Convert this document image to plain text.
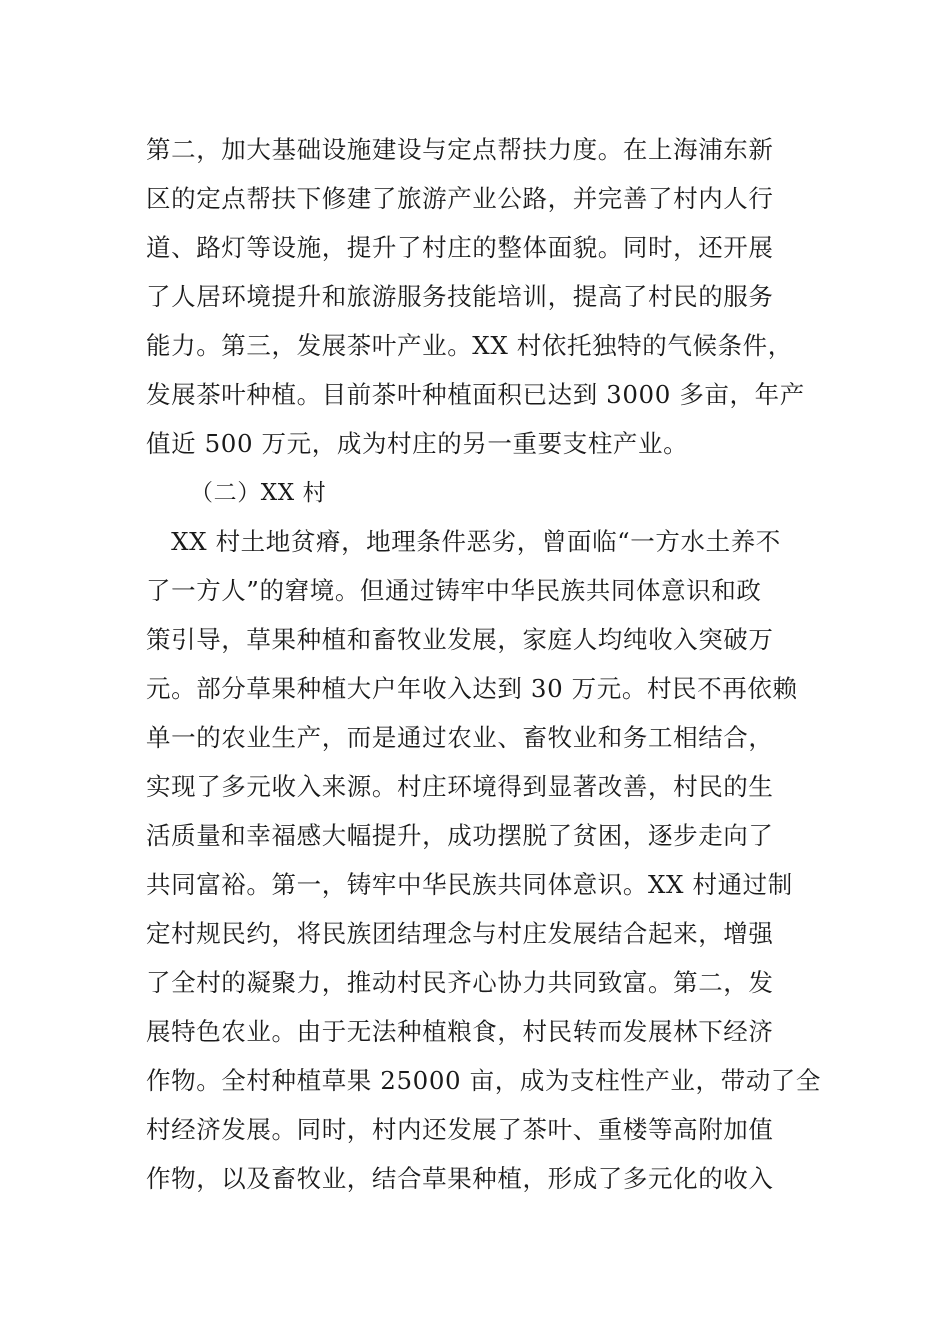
第二，加大基础设施建设与定点帮扶力度。在上海浦东新
区的定点帮扶下修建了旅游产业公路，并完善了村内人行
道、路灯等设施，提升了村庄的整体面貌。同时，还开展
了人居环境提升和旅游服务技能培训，提高了村民的服务
能力。第三，发展茶叶产业。XX 村依托独特的气候条件，
发展茶叶种植。目前茶叶种植面积已达到 3000 多亩，年产
值近 500 万元，成为村庄的另一重要支柱产业。
（二）XX 村
　XX 村土地贫瘠，地理条件恶劣，曾面临“一方水土养不
了一方人”的窘境。但通过铸牢中华民族共同体意识和政
策引导，草果种植和畜牧业发展，家庭人均纯收入突破万
元。部分草果种植大户年收入达到 30 万元。村民不再依赖
单一的农业生产，而是通过农业、畜牧业和务工相结合，
实现了多元收入来源。村庄环境得到显著改善，村民的生
活质量和幸福感大幅提升，成功摆脱了贫困，逐步走向了
共同富裕。第一，铸牢中华民族共同体意识。XX 村通过制
定村规民约，将民族团结理念与村庄发展结合起来，增强
了全村的凝聚力，推动村民齐心协力共同致富。第二，发
展特色农业。由于无法种植粮食，村民转而发展林下经济
作物。全村种植草果 25000 亩，成为支柱性产业，带动了全
村经济发展。同时，村内还发展了茶叶、重楼等高附加值
作物，以及畜牧业，结合草果种植，形成了多元化的收入
